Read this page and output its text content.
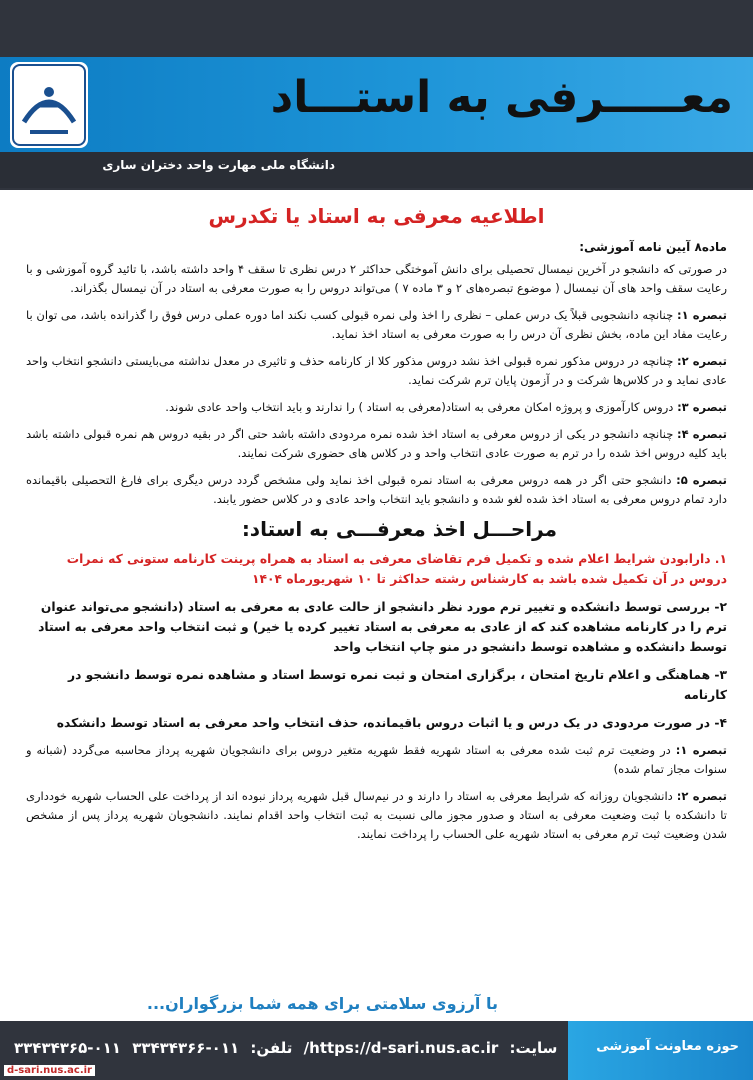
معـــــرفی به استـــاد
دانشگاه ملی مهارت واحد دختران ساری
اطلاعیه معرفی به استاد یا تکدرس
ماده۸ آیین نامه آموزشی:
در صورتی که دانشجو در آخرین نیمسال تحصیلی برای دانش آموختگی حداکثر ۲ درس نظری تا سقف ۴ واحد داشته باشد، با تائید گروه آموزشی و با رعایت سقف واحد های آن نیمسال ( موضوع تبصره‌های ۲ و ۳ ماده ۷ ) می‌تواند دروس را به صورت معرفی به استاد در آن نیمسال بگذراند.
تبصره ۱: چنانچه دانشجویی قبلاً یک درس عملی – نظری را اخذ ولی نمره قبولی کسب نکند اما دوره عملی درس فوق را گذرانده باشد، می توان با رعایت مفاد این ماده، بخش نظری آن درس را به صورت معرفی به استاد اخذ نماید.
تبصره ۲: چنانچه در دروس مذکور نمره قبولی اخذ نشد دروس مذکور کلا از کارنامه حذف و تاثیری در معدل نداشته می‌بایستی دانشجو انتخاب واحد عادی نماید و در کلاس‌ها شرکت و در آزمون پایان ترم شرکت نماید.
تبصره ۳: دروس کارآموزی و پروژه امکان معرفی به استاد(معرفی به استاد ) را ندارند و باید انتخاب واحد عادی شوند.
تبصره ۴: چنانچه دانشجو در یکی از دروس معرفی به استاد اخذ شده نمره مردودی داشته باشد حتی اگر در بقیه دروس هم نمره قبولی داشته باشد باید کلیه دروس اخذ شده را در ترم به صورت عادی انتخاب واحد و در کلاس های حضوری شرکت نمایند.
تبصره ۵: دانشجو حتی اگر در همه دروس معرفی به استاد نمره قبولی اخذ نماید ولی مشخص گردد درس دیگری برای فارغ التحصیلی باقیمانده دارد تمام دروس معرفی به استاد اخذ شده لغو شده و دانشجو باید انتخاب واحد عادی و در کلاس حضور یابند.
مراحـــل اخذ معرفـــی به استاد:
۱. دارابودن شرایط اعلام شده و تکمیل فرم تقاضای معرفی به استاد به همراه پرینت کارنامه ستونی که نمرات دروس در آن تکمیل شده باشد به کارشناس رشته حداکثر تا ۱۰ شهریورماه ۱۴۰۴
۲- بررسی توسط دانشکده و تغییر ترم مورد نظر دانشجو از حالت عادی به معرفی به استاد (دانشجو می‌تواند عنوان ترم را در کارنامه مشاهده کند که از عادی به معرفی به استاد تغییر کرده یا خیر) و ثبت انتخاب واحد معرفی به استاد توسط دانشکده و مشاهده توسط دانشجو در منو چاپ انتخاب واحد
۳- هماهنگی و اعلام تاریخ امتحان ، برگزاری امتحان و ثبت نمره توسط استاد و مشاهده نمره توسط دانشجو در کارنامه
۴- در صورت مردودی در یک درس و یا اثبات دروس باقیمانده، حذف انتخاب واحد معرفی به استاد توسط دانشکده
تبصره ۱: در وضعیت ترم ثبت شده معرفی به استاد شهریه فقط شهریه متغیر دروس برای دانشجویان شهریه پرداز محاسبه می‌گردد (شبانه و سنوات مجاز تمام شده)
تبصره ۲: دانشجویان روزانه که شرایط معرفی به استاد را دارند و در نیم‌سال قبل شهریه پرداز نبوده اند از پرداخت علی الحساب شهریه خودداری تا دانشکده با ثبت وضعیت معرفی به استاد و صدور مجوز مالی نسبت به ثبت انتخاب واحد اقدام نمایند. دانشجویان شهریه پرداز پس از مشخص شدن وضعیت ثبت ترم معرفی به استاد شهریه علی الحساب را پرداخت نمایند.
با آرزوی سلامتی برای همه شما بزرگواران...
حوزه معاونت آموزشی
سایت: https://d-sari.nus.ac.ir/ تلفن: ۰۱۱-۳۳۴۳۴۳۶۶ ۰۱۱-۳۳۴۳۴۳۶۵
d-sari.nus.ac.ir
